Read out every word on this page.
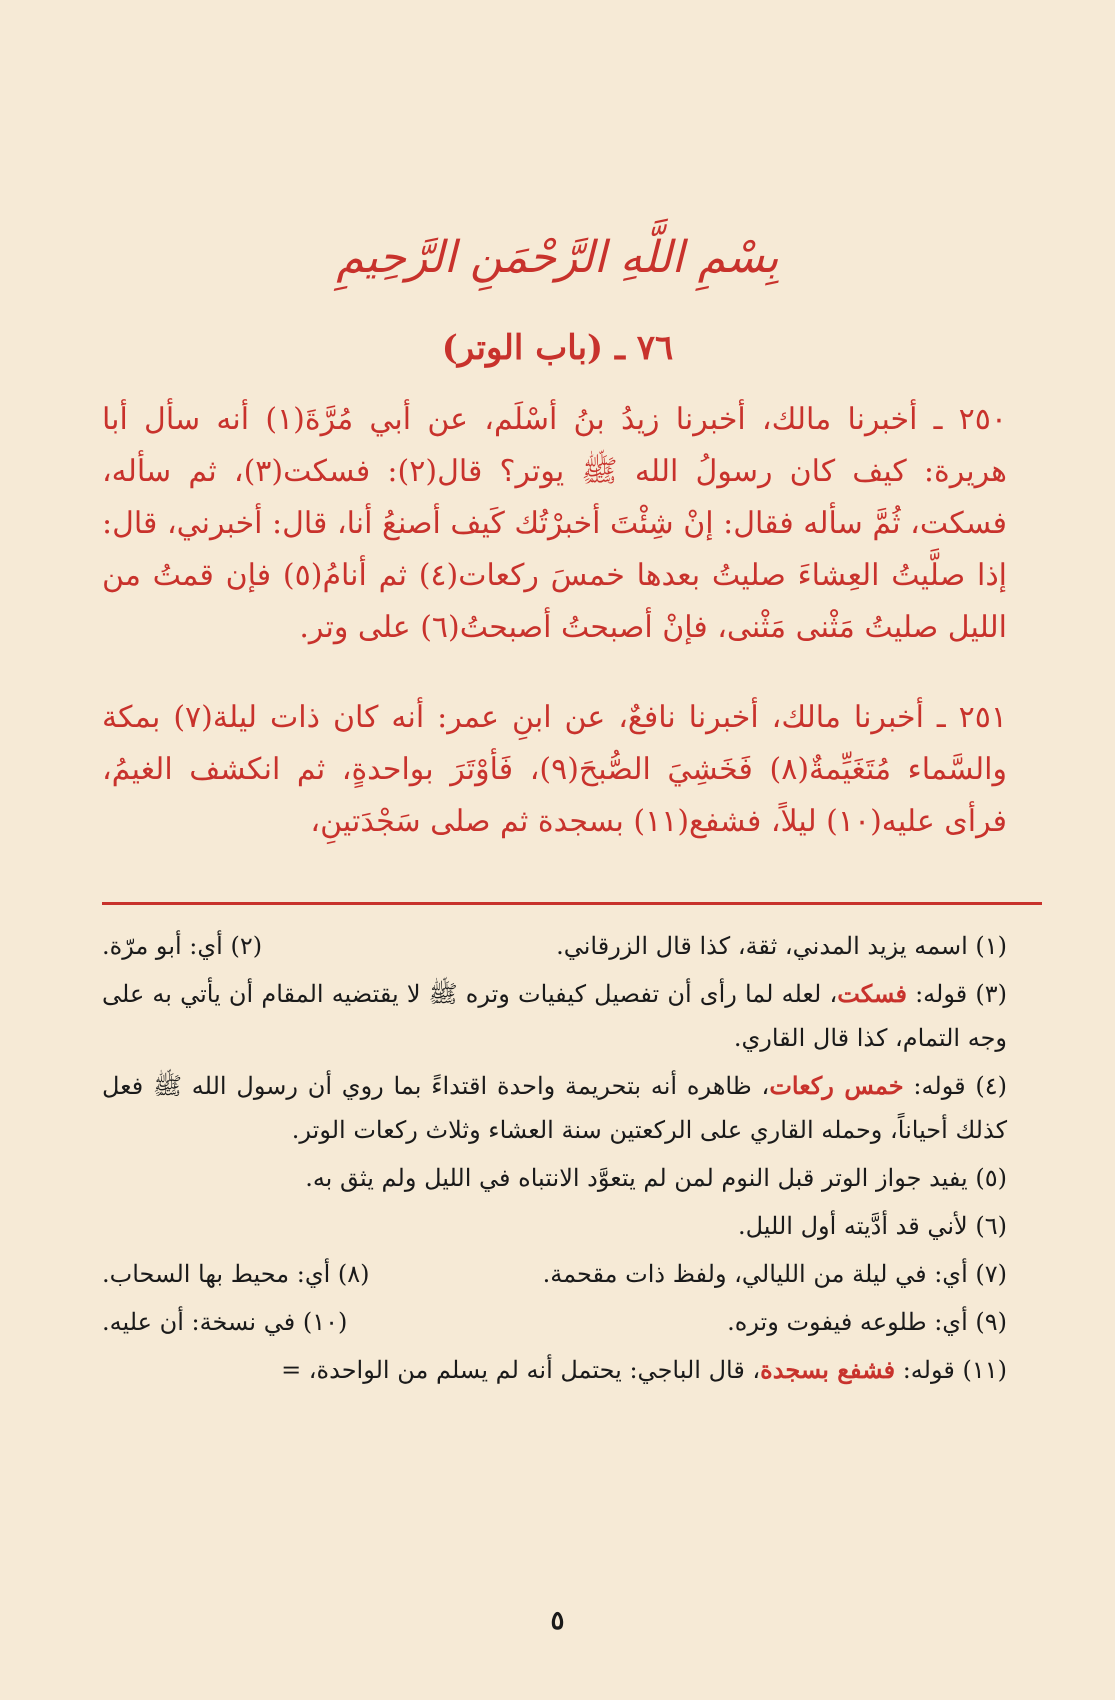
بِسْمِ اللَّهِ الرَّحْمَنِ الرَّحِيمِ
٧٦ ـ (باب الوتر)
٢٥٠ ـ أخبرنا مالك، أخبرنا زيدُ بنُ أسْلَم، عن أبي مُرَّةَ(١) أنه سأل أبا هريرة: كيف كان رسولُ الله ﷺ يوتر؟ قال(٢): فسكت(٣)، ثم سأله، فسكت، ثُمَّ سأله فقال: إنْ شِئْتَ أخبرْتُك كَيف أصنعُ أنا، قال: أخبرني، قال: إذا صلَّيتُ العِشاءَ صليتُ بعدها خمسَ ركعات(٤) ثم أنامُ(٥) فإن قمتُ من الليل صليتُ مَثْنى مَثْنى، فإنْ أصبحتُ أصبحتُ(٦) على وتر.
٢٥١ ـ أخبرنا مالك، أخبرنا نافعٌ، عن ابنِ عمر: أنه كان ذات ليلة(٧) بمكة والسَّماء مُتَغَيِّمةٌ(٨) فَخَشِيَ الصُّبحَ(٩)، فَأوْتَرَ بواحدةٍ، ثم انكشف الغيمُ، فرأى عليه(١٠) ليلاً، فشفع(١١) بسجدة ثم صلى سَجْدَتينِ،
(١) اسمه يزيد المدني، ثقة، كذا قال الزرقاني.
(٢) أي: أبو مرّة.
(٣) قوله: فسكت، لعله لما رأى أن تفصيل كيفيات وتره ﷺ لا يقتضيه المقام أن يأتي به على وجه التمام، كذا قال القاري.
(٤) قوله: خمس ركعات، ظاهره أنه بتحريمة واحدة اقتداءً بما روي أن رسول الله ﷺ فعل كذلك أحياناً، وحمله القاري على الركعتين سنة العشاء وثلاث ركعات الوتر.
(٥) يفيد جواز الوتر قبل النوم لمن لم يتعوَّد الانتباه في الليل ولم يثق به.
(٦) لأني قد أدَّيته أول الليل.
(٧) أي: في ليلة من الليالي، ولفظ ذات مقحمة.
(٨) أي: محيط بها السحاب.
(٩) أي: طلوعه فيفوت وتره.
(١٠) في نسخة: أن عليه.
(١١) قوله: فشفع بسجدة، قال الباجي: يحتمل أنه لم يسلم من الواحدة، =
٥
